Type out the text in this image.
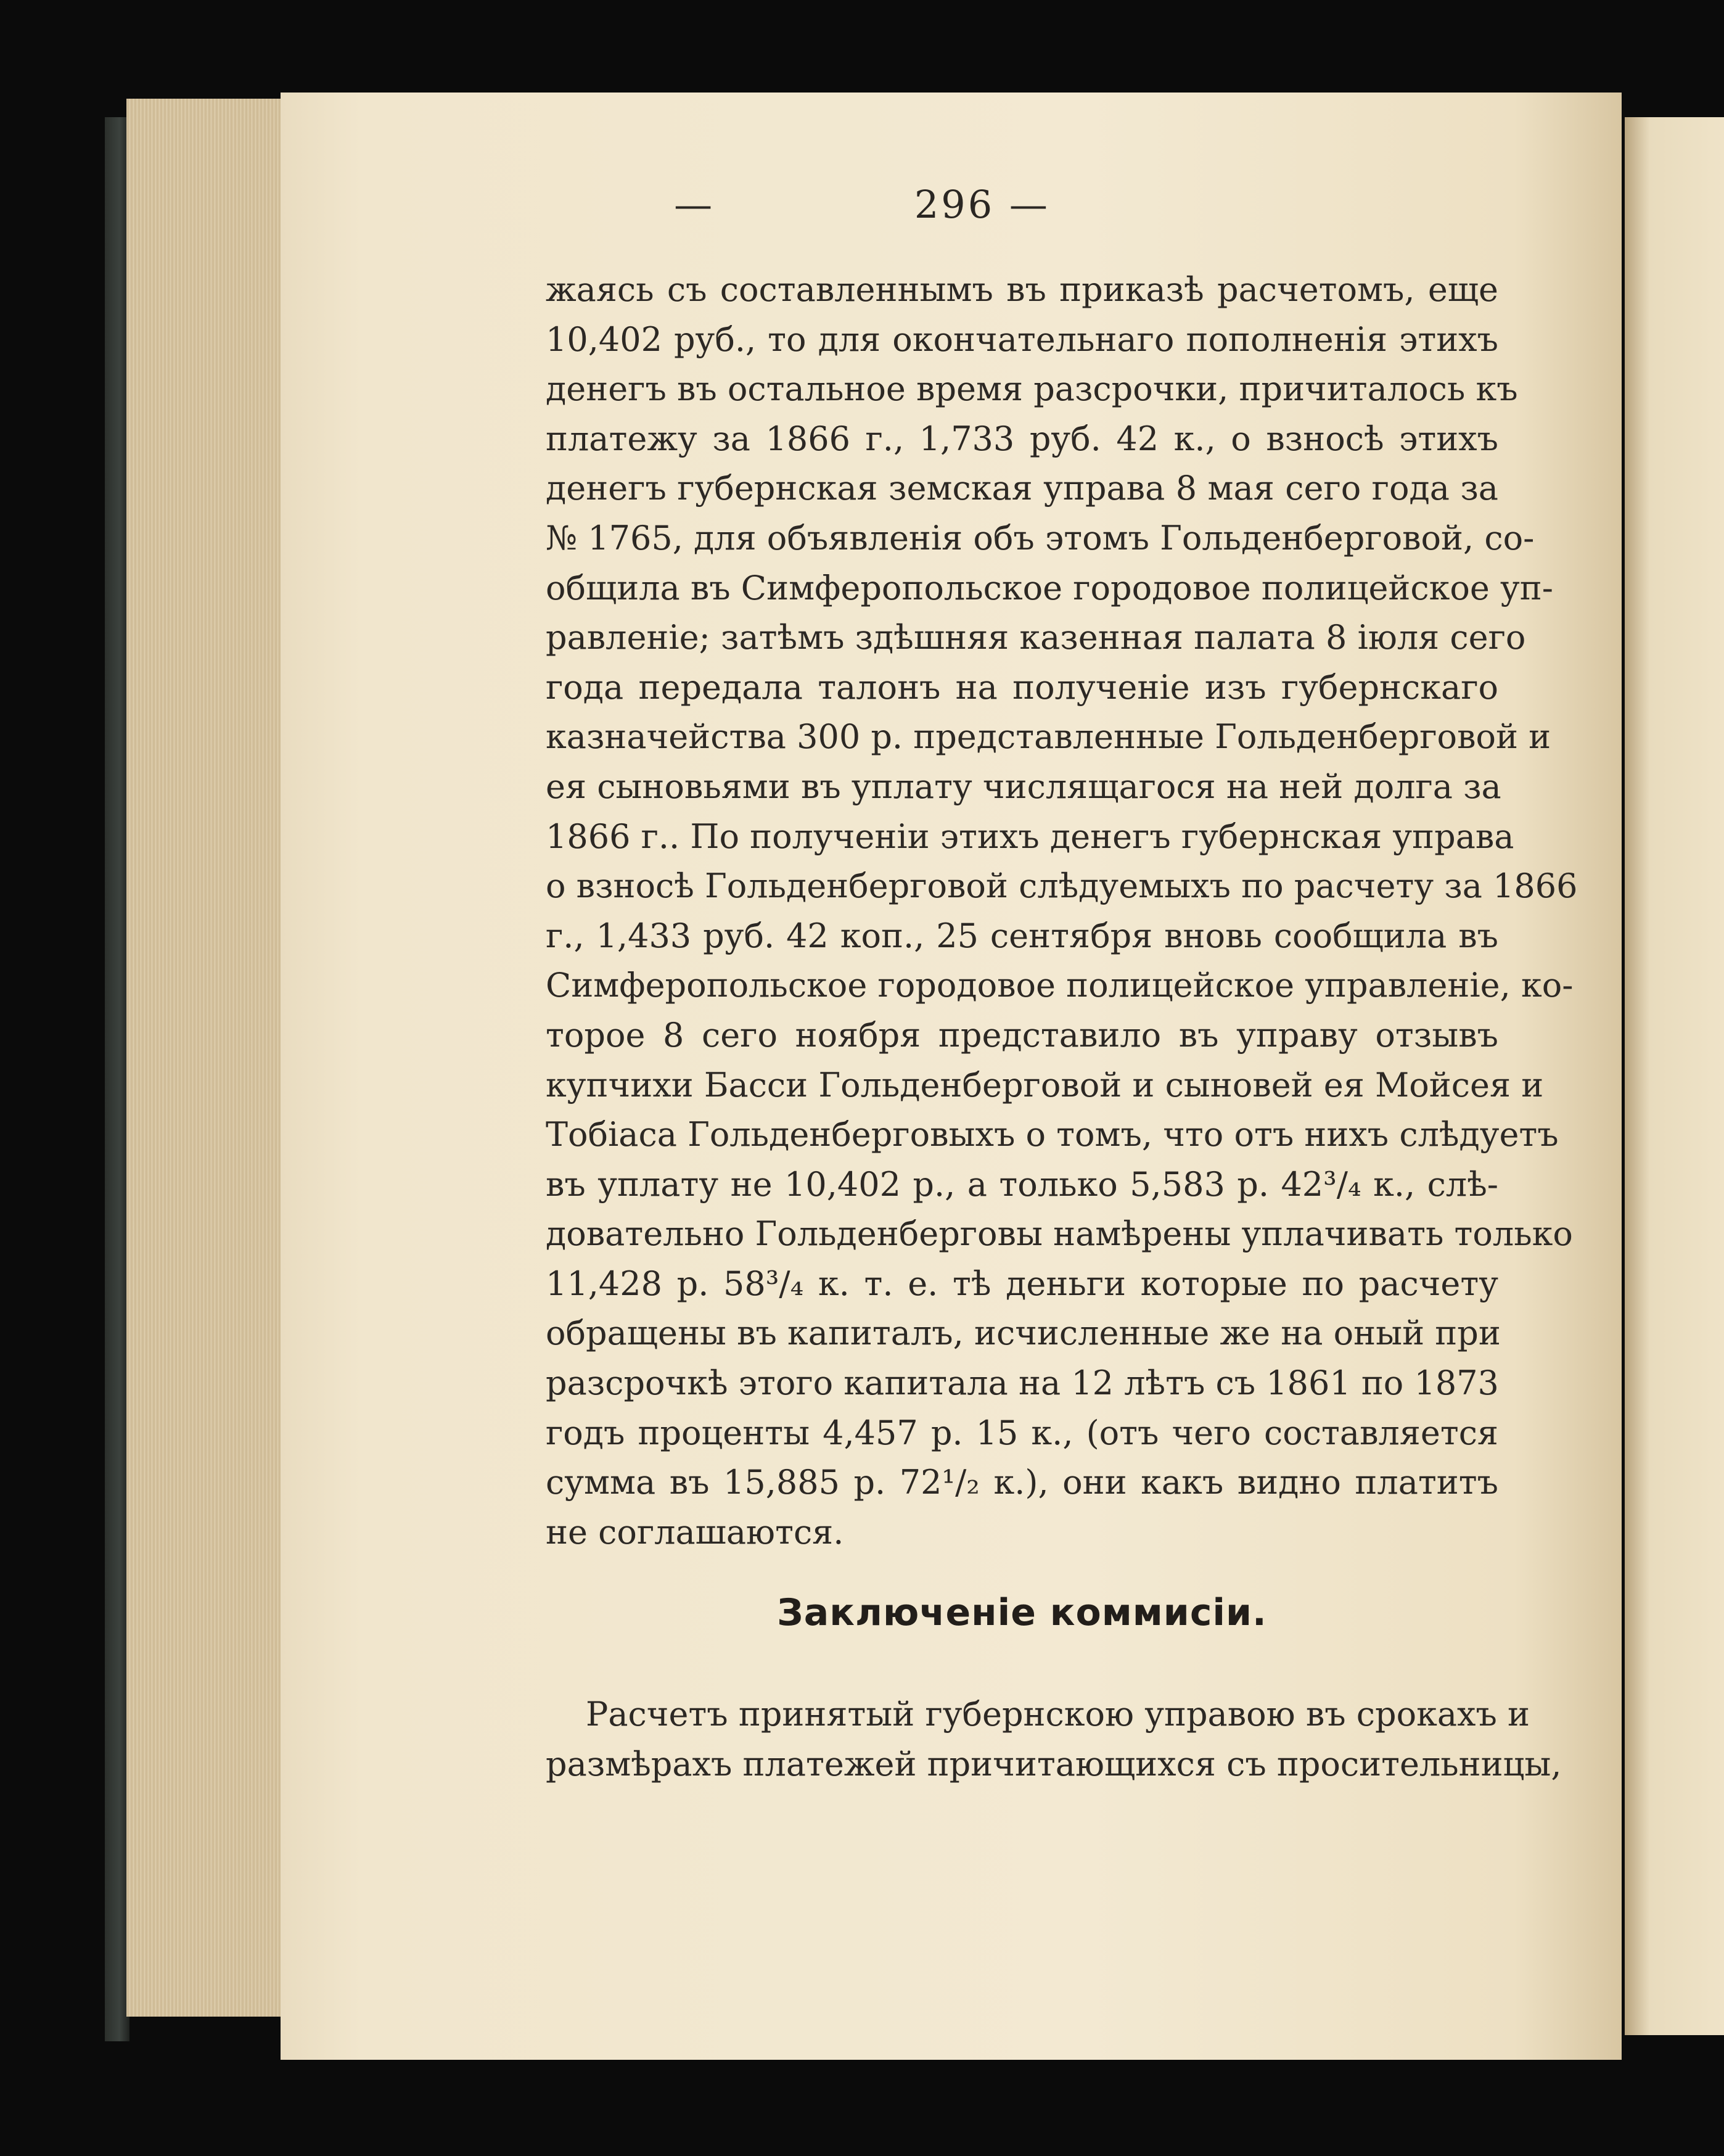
—	296 —
жаясь съ составленнымъ въ приказѣ расчетомъ, еще
10,402 руб., то для окончательнаго пополненія этихъ
денегъ въ остальное время разсрочки, причиталось къ
платежу за 1866 г., 1,733 руб. 42 к., о взносѣ этихъ
денегъ губернская земская управа 8 мая сего года за
№ 1765, для объявленія объ этомъ Гольденберговой, со-
общила въ Симферопольское городовое полицейское уп-
равленіе; затѣмъ здѣшняя казенная палата 8 іюля сего
года передала талонъ на полученіе изъ губернскаго
казначейства 300 р. представленные Гольденберговой и
ея сыновьями въ уплату числящагося на ней долга за
1866 г.. По полученіи этихъ денегъ губернская управа
о взносѣ Гольденберговой слѣдуемыхъ по расчету за 1866
г., 1,433 руб. 42 коп., 25 сентября вновь сообщила въ
Симферопольское городовое полицейское управленіе, ко-
торое 8 сего ноября представило въ управу отзывъ
купчихи Басси Гольденберговой и сыновей ея Мойсея и
Тобіаса Гольденберговыхъ о томъ, что отъ нихъ слѣдуетъ
въ уплату не 10,402 р., а только 5,583 р. 42³/₄ к., слѣ-
довательно Гольденберговы намѣрены уплачивать только
11,428 р. 58³/₄ к. т. е. тѣ деньги которые по расчету
обращены въ капиталъ, исчисленные же на оный при
разсрочкѣ этого капитала на 12 лѣтъ съ 1861 по 1873
годъ проценты 4,457 р. 15 к., (отъ чего составляется
сумма въ 15,885 р. 72¹/₂ к.), они какъ видно платитъ
не соглашаются.
Заключеніе коммисіи.
Расчетъ принятый губернскою управою въ срокахъ и
размѣрахъ платежей причитающихся съ просительницы,
